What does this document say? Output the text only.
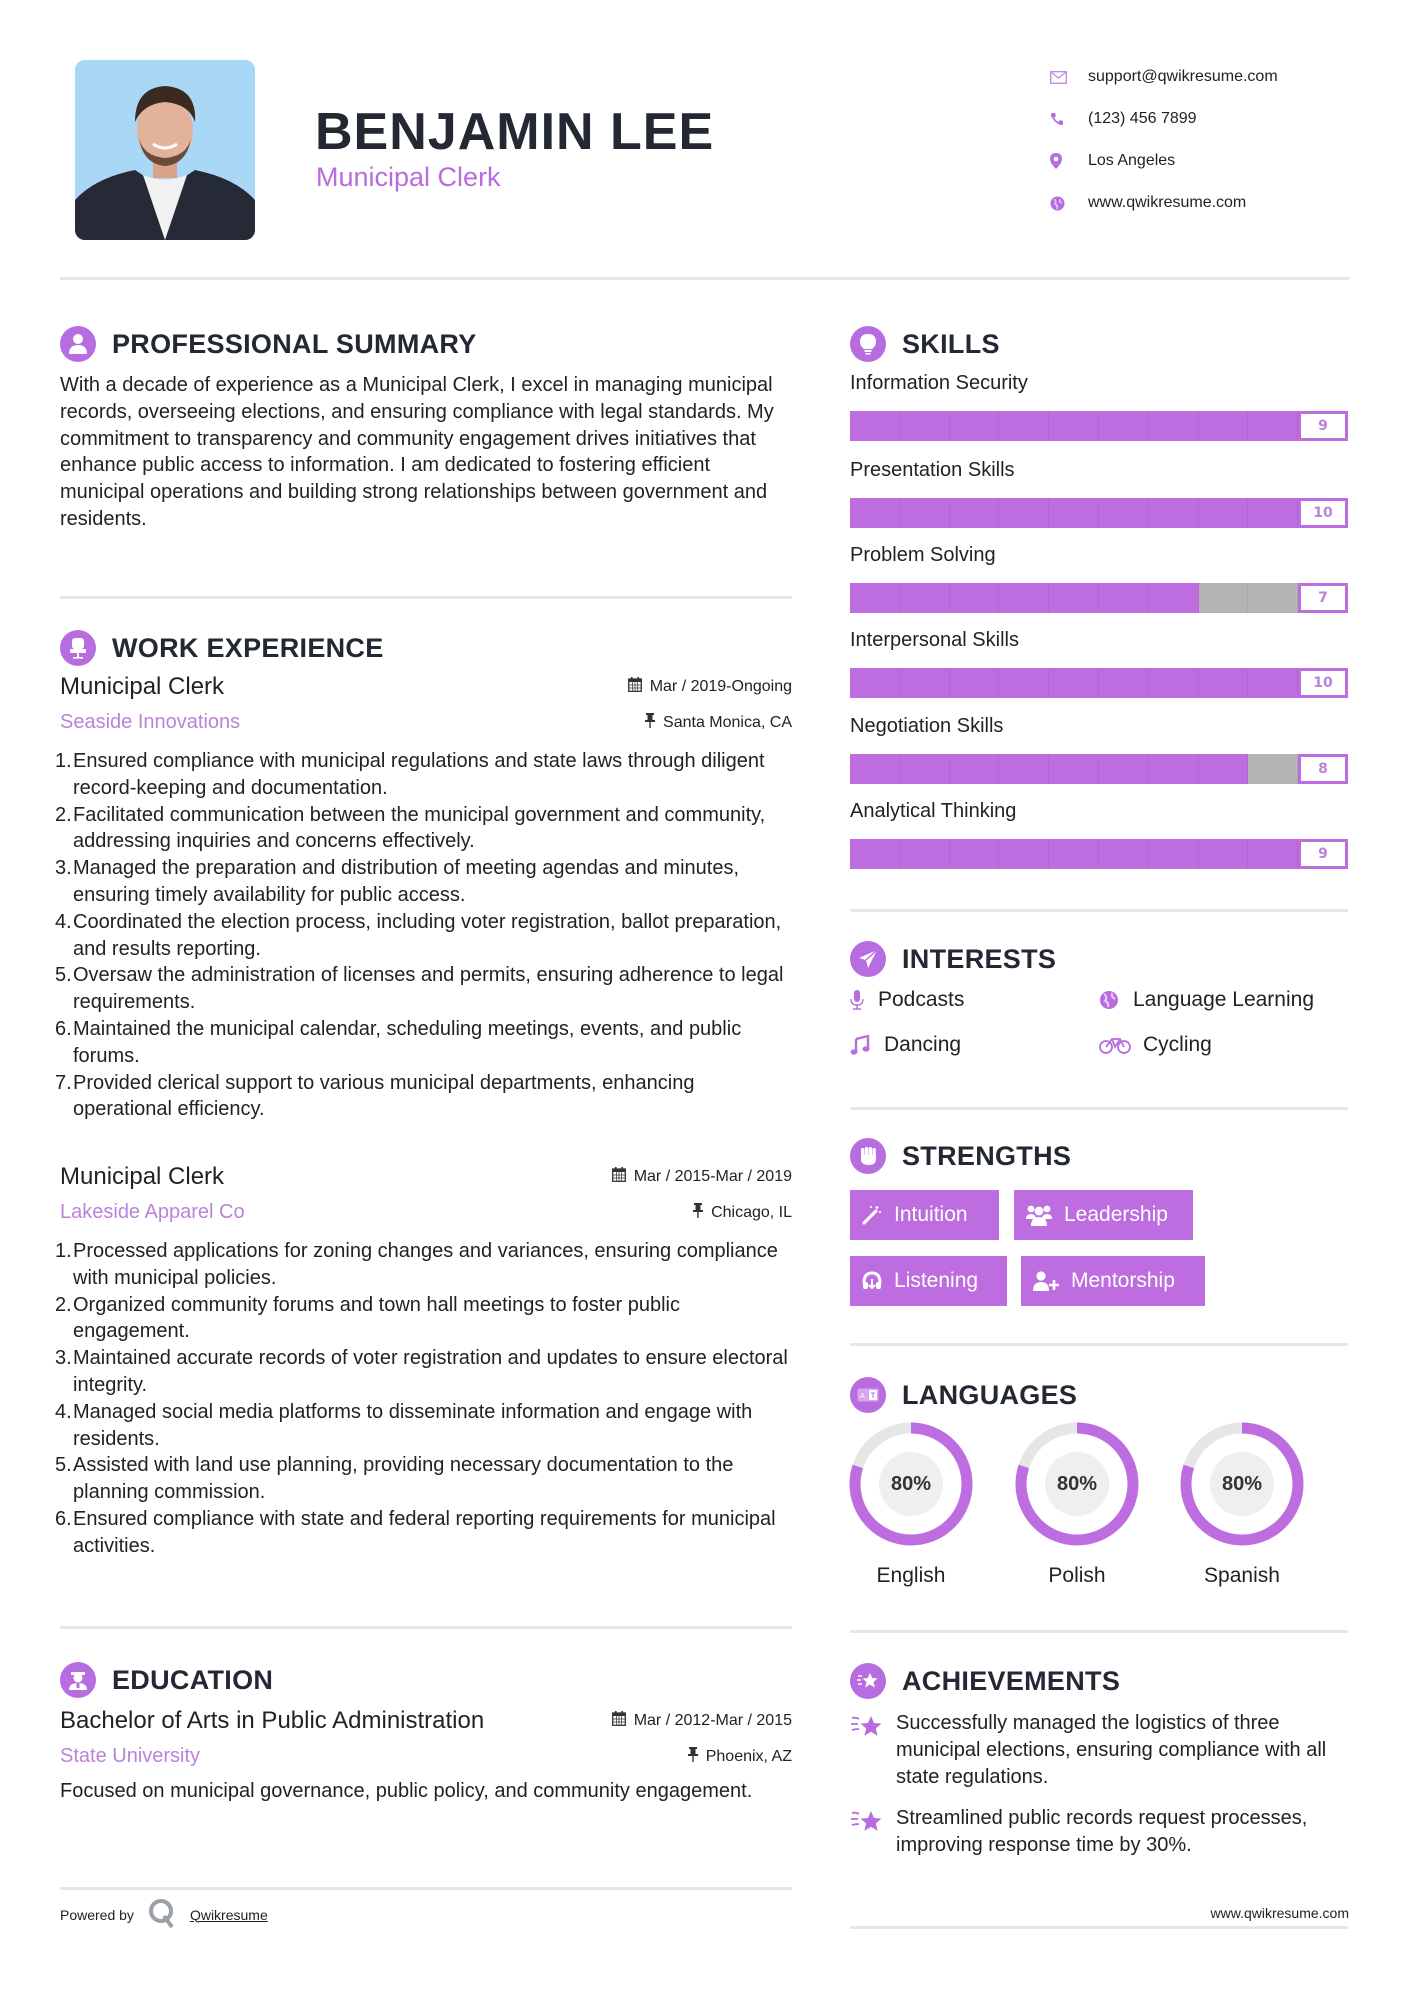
BENJAMIN LEE
Municipal Clerk
support@qwikresume.com
(123) 456 7899
Los Angeles
www.qwikresume.com
PROFESSIONAL SUMMARY
With a decade of experience as a Municipal Clerk, I excel in managing municipal records, overseeing elections, and ensuring compliance with legal standards. My commitment to transparency and community engagement drives initiatives that enhance public access to information. I am dedicated to fostering efficient municipal operations and building strong relationships between government and residents.
WORK EXPERIENCE
Municipal Clerk	Mar / 2019-Ongoing
Seaside Innovations	Santa Monica, CA
1. Ensured compliance with municipal regulations and state laws through diligent record-keeping and documentation.
2. Facilitated communication between the municipal government and community, addressing inquiries and concerns effectively.
3. Managed the preparation and distribution of meeting agendas and minutes, ensuring timely availability for public access.
4. Coordinated the election process, including voter registration, ballot preparation, and results reporting.
5. Oversaw the administration of licenses and permits, ensuring adherence to legal requirements.
6. Maintained the municipal calendar, scheduling meetings, events, and public forums.
7. Provided clerical support to various municipal departments, enhancing operational efficiency.
Municipal Clerk	Mar / 2015-Mar / 2019
Lakeside Apparel Co	Chicago, IL
1. Processed applications for zoning changes and variances, ensuring compliance with municipal policies.
2. Organized community forums and town hall meetings to foster public engagement.
3. Maintained accurate records of voter registration and updates to ensure electoral integrity.
4. Managed social media platforms to disseminate information and engage with residents.
5. Assisted with land use planning, providing necessary documentation to the planning commission.
6. Ensured compliance with state and federal reporting requirements for municipal activities.
EDUCATION
Bachelor of Arts in Public Administration	Mar / 2012-Mar / 2015
State University	Phoenix, AZ
Focused on municipal governance, public policy, and community engagement.
Powered by	Qwikresume
SKILLS
Information Security
9
Presentation Skills
10
Problem Solving
7
Interpersonal Skills
10
Negotiation Skills
8
Analytical Thinking
9
INTERESTS
Podcasts	Language Learning
Dancing	Cycling
STRENGTHS
Intuition	Leadership
Listening	Mentorship
A LANGUAGES
80%
English
80%
Polish
80%
Spanish
ACHIEVEMENTS
Successfully managed the logistics of three municipal elections, ensuring compliance with all state regulations.
Streamlined public records request processes, improving response time by 30%.
www.qwikresume.com
